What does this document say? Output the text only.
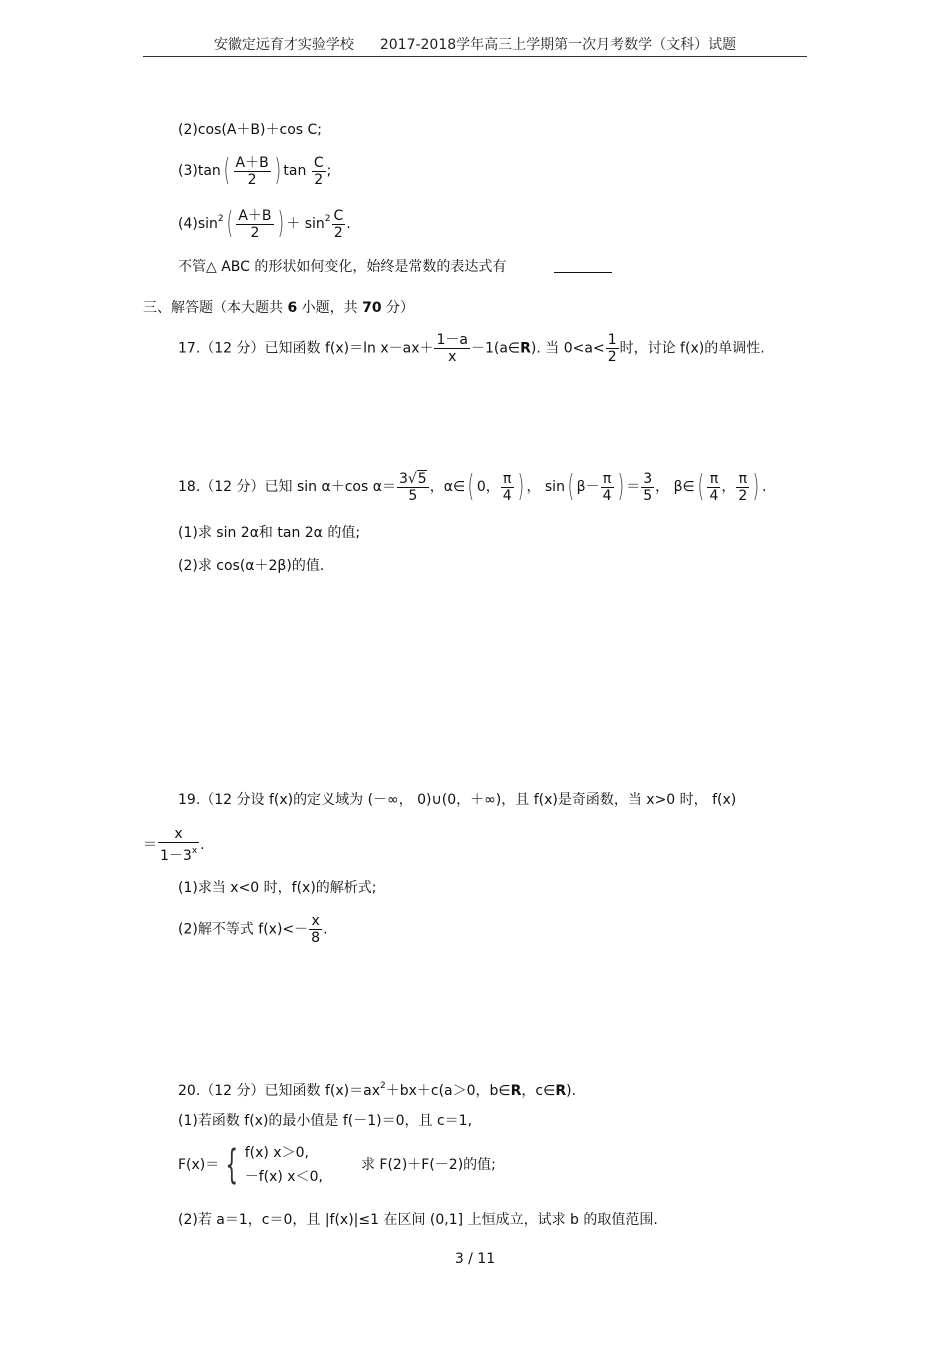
安徽定远育才实验学校 2017-2018学年高三上学期第一次月考数学（文科）试题
(2)cos(A＋B)＋cos C;
$(3)\tan( \frac{A+B}{2}$ ) $\tan \frac{C}{2}$ ;
$(4)\sin^2( \frac{A+B}{2}$ ) ＋ $\sin^2 \frac{C}{2}$ .
不管△ ABC 的形状如何变化，始终是常数的表达式有
三、解答题（本大题共 6 小题，共 70 分）
17.（12 分）已知函数 f(x)＝ln $x-ax+ \frac{1-a}{x}$ －1(a∈R). 当 $0<a< \frac{1}{2}$ 时，讨论 f(x)的单调性.
18.（12 分）已知 sin α＋cos $\alpha= \frac{3√5}{5}$ ，α∈( 0， $\frac{\pi}{4}$ ) ， sin( $\beta- \frac{\pi}{4}$ ) ＝ $\frac{3}{5}$ ， β∈( $\frac{\pi}{4}$ ， $\frac{\pi}{2}$ ) .
(1)求 sin 2α和 tan 2α 的值;
(2)求 cos(α＋2β)的值.
19.（12 分设 f(x)的定义域为 (－∞， 0)∪(0，＋∞)，且 f(x)是奇函数，当 x>0 时， f(x)
＝ $\frac{x}{1-3^x}$ .
(1)求当 x<0 时，f(x)的解析式;
(2)解不等式 $f(x)<- \frac{x}{8}$ .
20.（12 分）已知函数 $f(x)=ax^2+bx+c(a>0$，b∈R，c∈R).
(1)若函数 f(x)的最小值是 f(－1)＝0，且 c＝1,
F(x)＝ { f(x) x＞0,
－f(x) x＜0,
求 F(2)＋F(－2)的值;
(2)若 a＝1，c＝0，且 |f(x)|≤1 在区间 (0,1] 上恒成立，试求 b 的取值范围.
3 / 11
